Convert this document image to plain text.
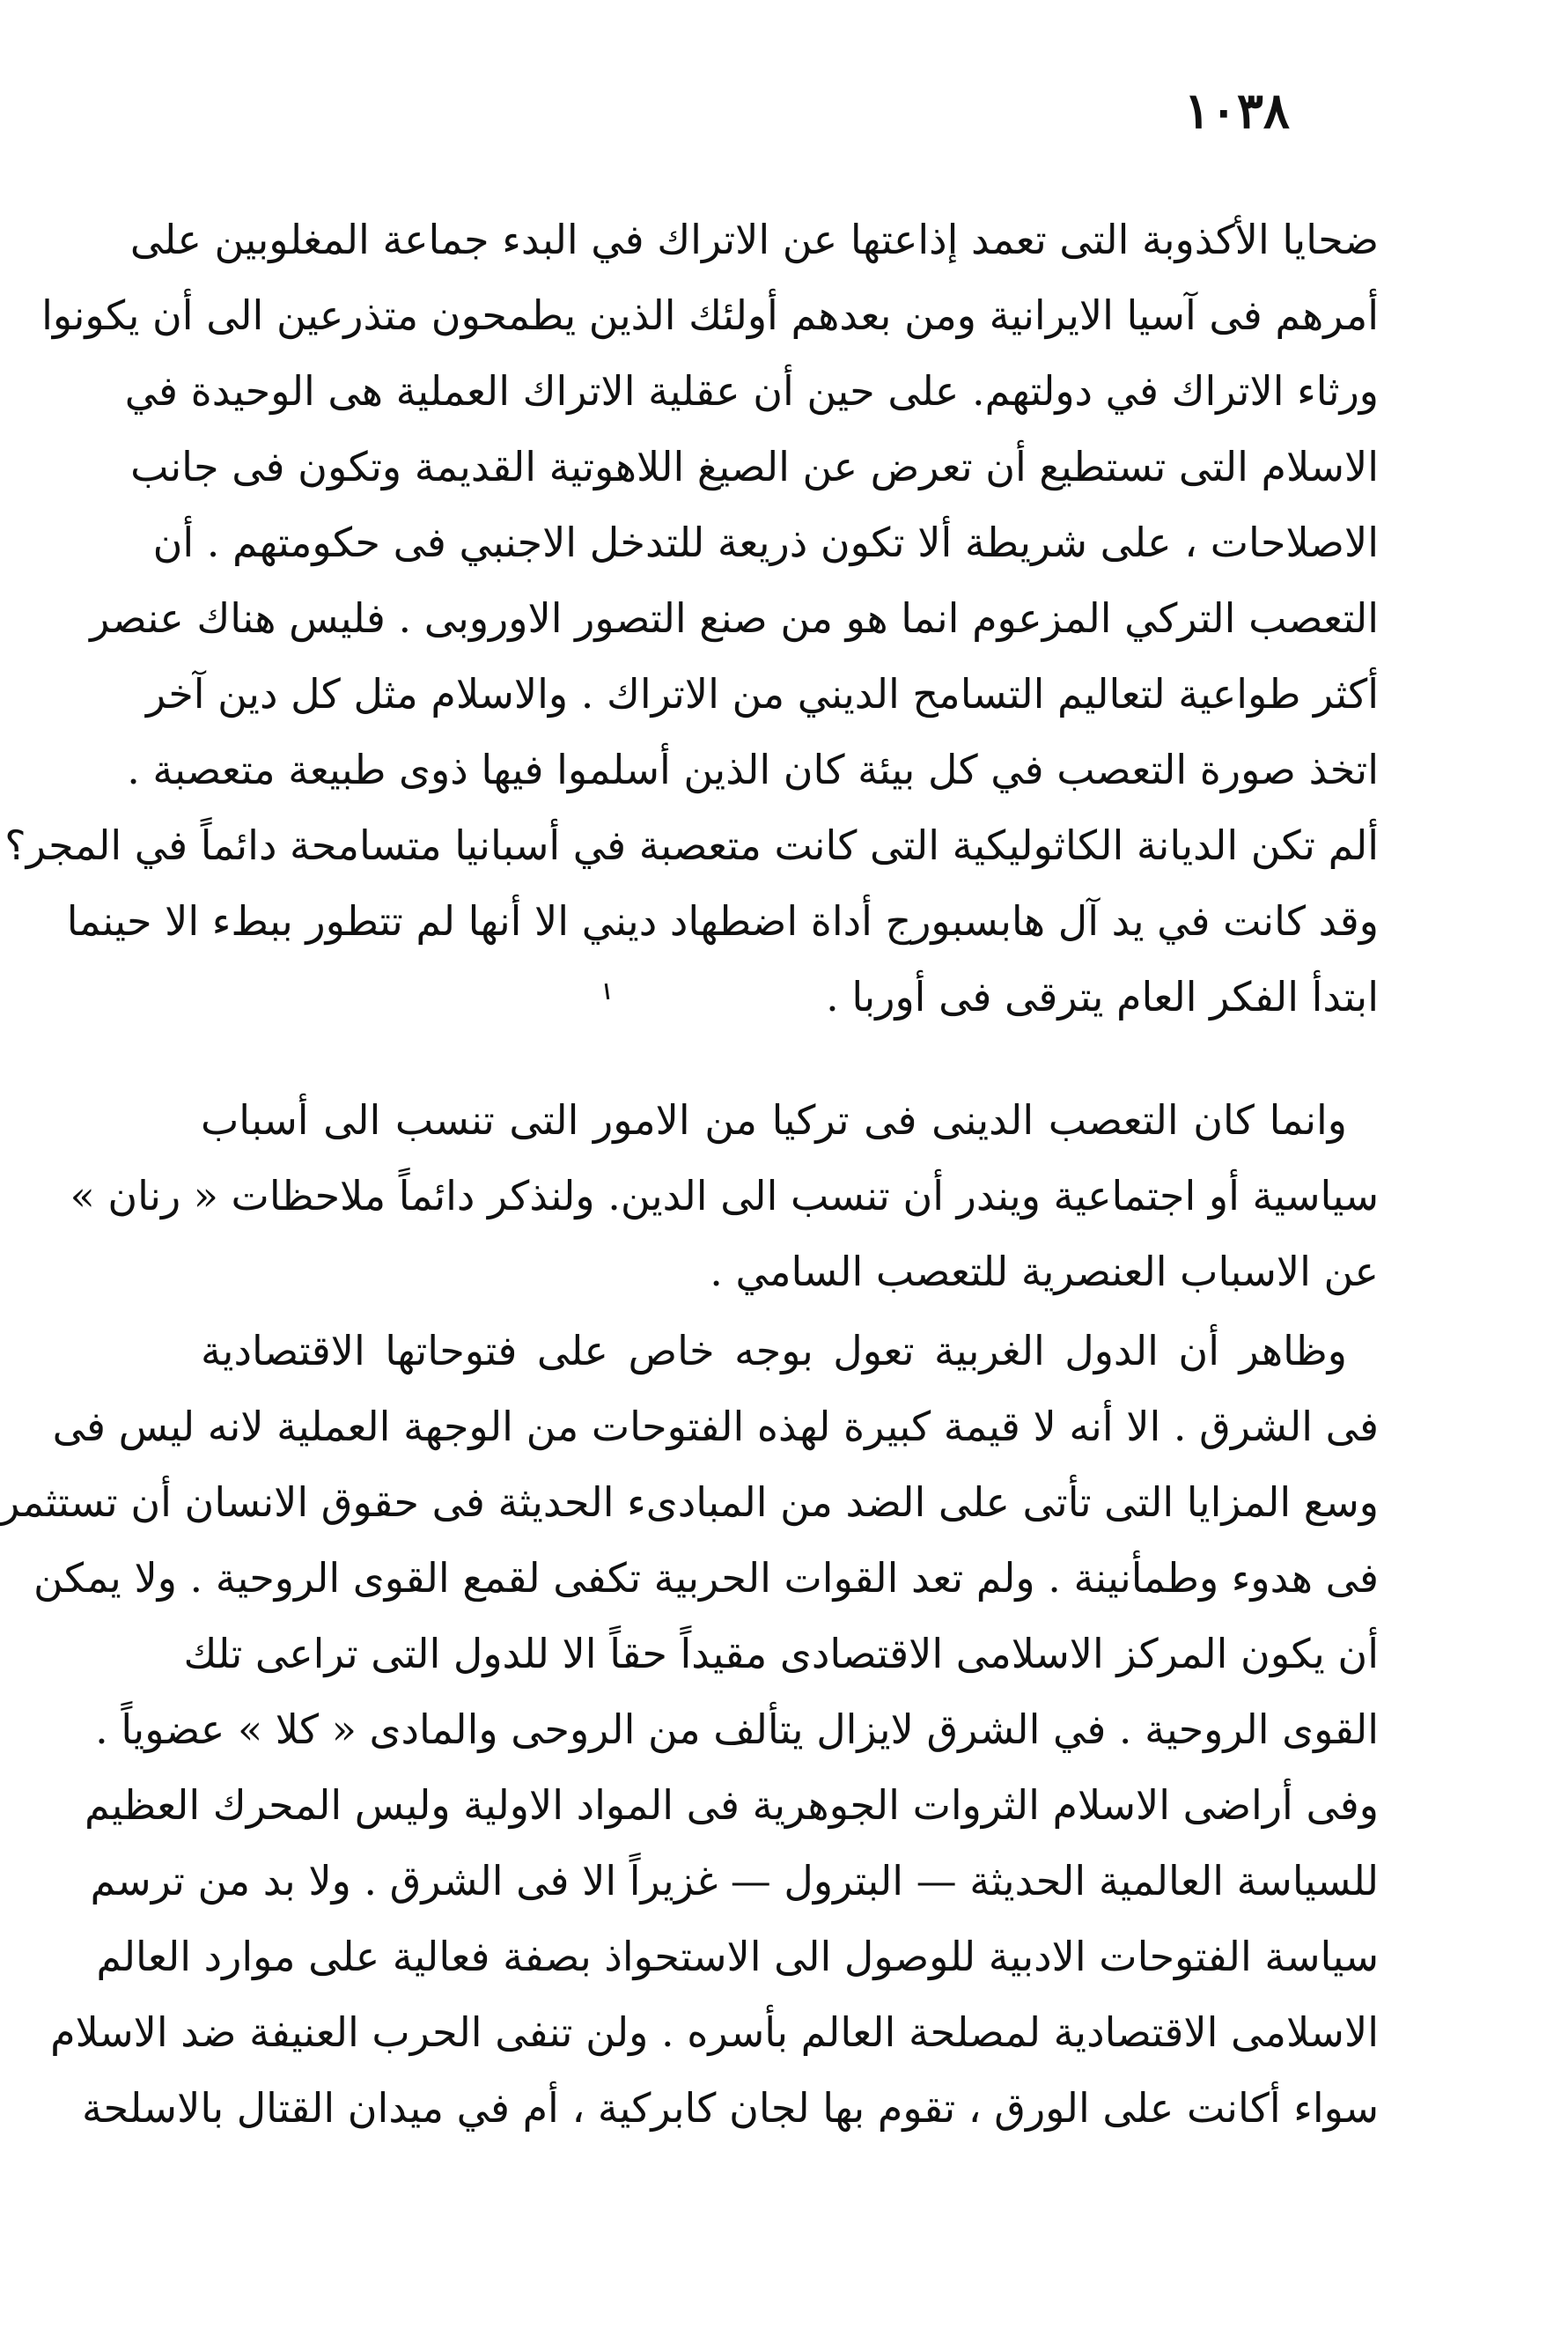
١٠٣٨
ضحايا الأكذوبة التى تعمد إذاعتها عن الاتراك في البدء جماعة المغلوبين على
أمرهم فى آسيا الايرانية ومن بعدهم أولئك الذين يطمحون متذرعين الى أن يكونوا
ورثاء الاتراك في دولتهم. على حين أن عقلية الاتراك العملية هى الوحيدة في
الاسلام التى تستطيع أن تعرض عن الصيغ اللاهوتية القديمة وتكون فى جانب
الاصلاحات ، على شريطة ألا تكون ذريعة للتدخل الاجنبي فى حكومتهم . أن
التعصب التركي المزعوم انما هو من صنع التصور الاوروبى . فليس هناك عنصر
أكثر طواعية لتعاليم التسامح الديني من الاتراك . والاسلام مثل كل دين آخر
اتخذ صورة التعصب في كل بيئة كان الذين أسلموا فيها ذوى طبيعة متعصبة .
ألم تكن الديانة الكاثوليكية التى كانت متعصبة في أسبانيا متسامحة دائماً في المجر؟
وقد كانت في يد آل هابسبورج أداة اضطهاد ديني الا أنها لم تتطور ببطء الا حينما
ابتدأ الفكر العام يترقى فى أوربا .
وانما كان التعصب الدينى فى تركيا من الامور التى تنسب الى أسباب
سياسية أو اجتماعية ويندر أن تنسب الى الدين. ولنذكر دائماً ملاحظات « رنان »
عن الاسباب العنصرية للتعصب السامي .
وظاهر أن الدول الغربية تعول بوجه خاص على فتوحاتها الاقتصادية
فى الشرق . الا أنه لا قيمة كبيرة لهذه الفتوحات من الوجهة العملية لانه ليس فى
وسع المزايا التى تأتى على الضد من المبادىء الحديثة فى حقوق الانسان أن تستثمر
فى هدوء وطمأنينة . ولم تعد القوات الحربية تكفى لقمع القوى الروحية . ولا يمكن
أن يكون المركز الاسلامى الاقتصادى مقيداً حقاً الا للدول التى تراعى تلك
القوى الروحية . في الشرق لايزال يتألف من الروحى والمادى « كلا » عضوياً .
وفى أراضى الاسلام الثروات الجوهرية فى المواد الاولية وليس المحرك العظيم
للسياسة العالمية الحديثة — البترول — غزيراً الا فى الشرق . ولا بد من ترسم
سياسة الفتوحات الادبية للوصول الى الاستحواذ بصفة فعالية على موارد العالم
الاسلامى الاقتصادية لمصلحة العالم بأسره . ولن تنفى الحرب العنيفة ضد الاسلام
سواء أكانت على الورق ، تقوم بها لجان كابركية ، أم في ميدان القتال بالاسلحة
